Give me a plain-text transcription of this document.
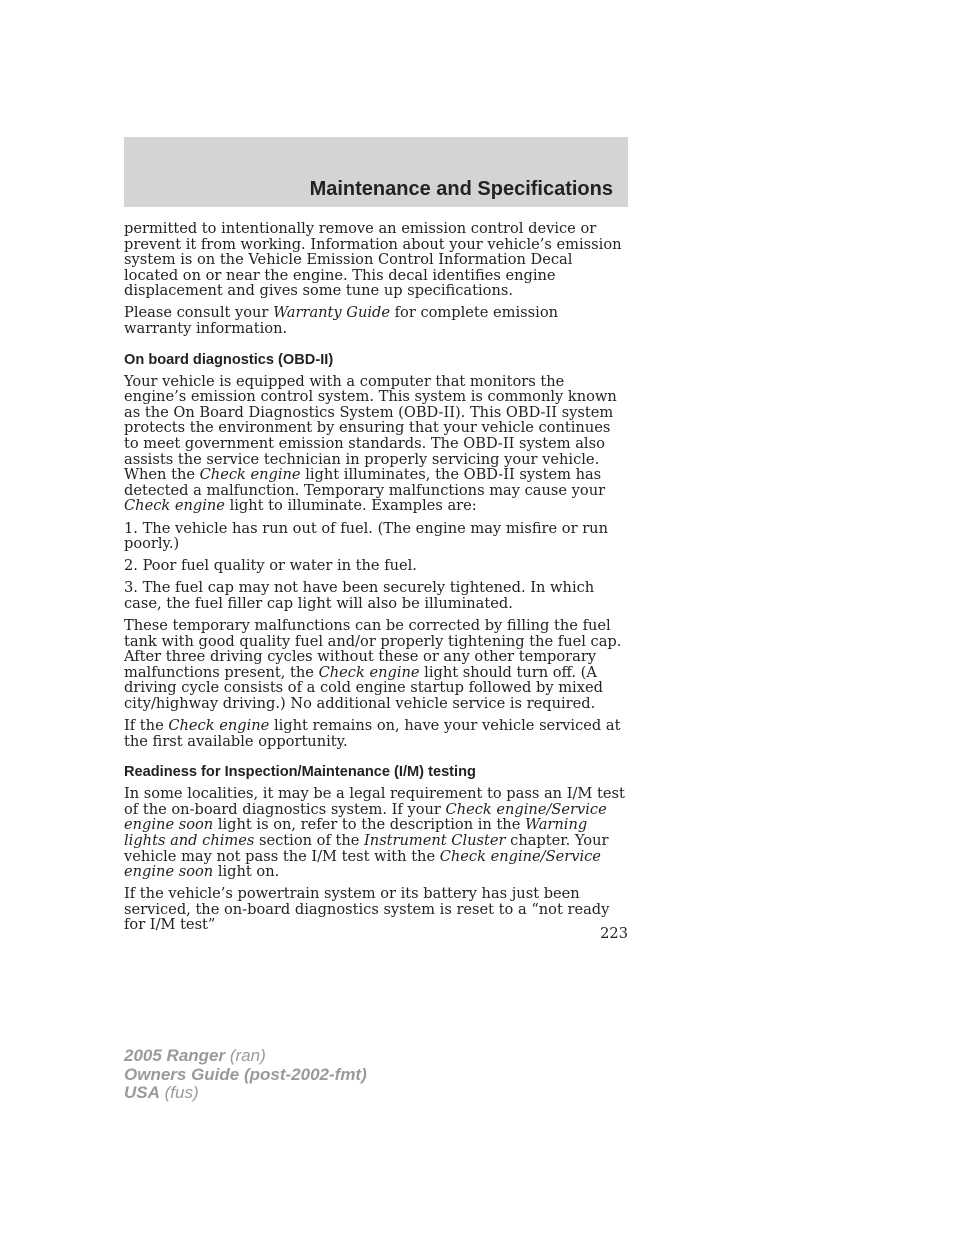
Maintenance and Specifications

permitted to intentionally remove an emission control device or prevent it from working. Information about your vehicle’s emission system is on the Vehicle Emission Control Information Decal located on or near the engine. This decal identifies engine displacement and gives some tune up specifications.

Please consult your Warranty Guide for complete emission warranty information.

On board diagnostics (OBD-II)

Your vehicle is equipped with a computer that monitors the engine’s emission control system. This system is commonly known as the On Board Diagnostics System (OBD-II). This OBD-II system protects the environment by ensuring that your vehicle continues to meet government emission standards. The OBD-II system also assists the service technician in properly servicing your vehicle. When the Check engine light illuminates, the OBD-II system has detected a malfunction. Temporary malfunctions may cause your Check engine light to illuminate. Examples are:

1. The vehicle has run out of fuel. (The engine may misfire or run poorly.)

2. Poor fuel quality or water in the fuel.

3. The fuel cap may not have been securely tightened. In which case, the fuel filler cap light will also be illuminated.

These temporary malfunctions can be corrected by filling the fuel tank with good quality fuel and/or properly tightening the fuel cap. After three driving cycles without these or any other temporary malfunctions present, the Check engine light should turn off. (A driving cycle consists of a cold engine startup followed by mixed city/highway driving.) No additional vehicle service is required.

If the Check engine light remains on, have your vehicle serviced at the first available opportunity.

Readiness for Inspection/Maintenance (I/M) testing

In some localities, it may be a legal requirement to pass an I/M test of the on-board diagnostics system. If your Check engine/Service engine soon light is on, refer to the description in the Warning lights and chimes section of the Instrument Cluster chapter. Your vehicle may not pass the I/M test with the Check engine/Service engine soon light on.

If the vehicle’s powertrain system or its battery has just been serviced, the on-board diagnostics system is reset to a “not ready for I/M test”

223
2005 Ranger (ran)
Owners Guide (post-2002-fmt)
USA (fus)
